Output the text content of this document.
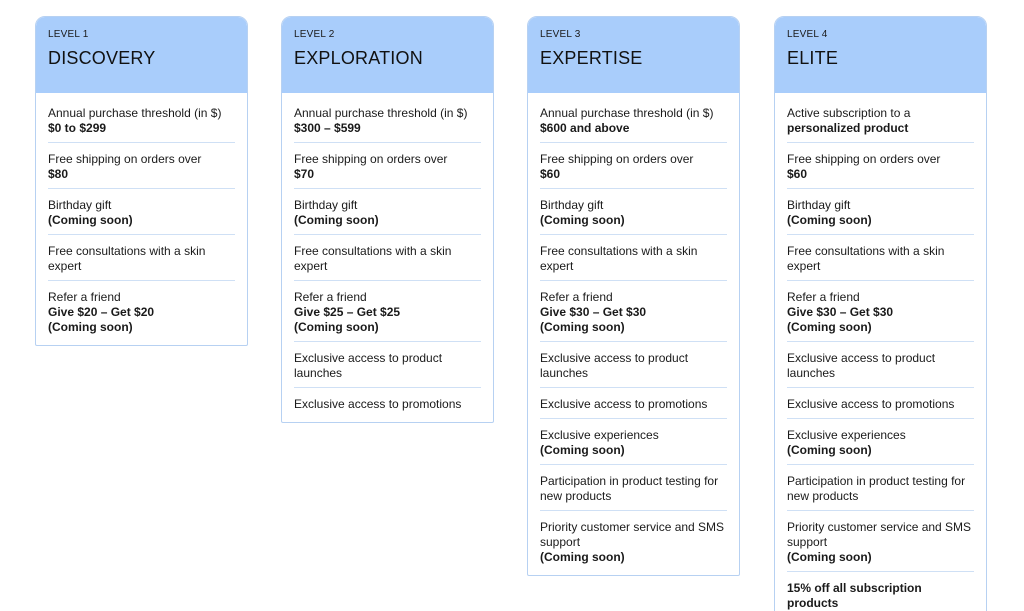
LEVEL 1
DISCOVERY
Annual purchase threshold (in $)
$0 to $299
Free shipping on orders over
$80
Birthday gift
(Coming soon)
Free consultations with a skin expert
Refer a friend
Give $20 – Get $20
(Coming soon)
LEVEL 2
EXPLORATION
Annual purchase threshold (in $)
$300 – $599
Free shipping on orders over
$70
Birthday gift
(Coming soon)
Free consultations with a skin expert
Refer a friend
Give $25 – Get $25
(Coming soon)
Exclusive access to product launches
Exclusive access to promotions
LEVEL 3
EXPERTISE
Annual purchase threshold (in $)
$600 and above
Free shipping on orders over
$60
Birthday gift
(Coming soon)
Free consultations with a skin expert
Refer a friend
Give $30 – Get $30
(Coming soon)
Exclusive access to product launches
Exclusive access to promotions
Exclusive experiences
(Coming soon)
Participation in product testing for new products
Priority customer service and SMS support
(Coming soon)
LEVEL 4
ELITE
Active subscription to a
personalized product
Free shipping on orders over
$60
Birthday gift
(Coming soon)
Free consultations with a skin expert
Refer a friend
Give $30 – Get $30
(Coming soon)
Exclusive access to product launches
Exclusive access to promotions
Exclusive experiences
(Coming soon)
Participation in product testing for new products
Priority customer service and SMS support
(Coming soon)
15% off all subscription products
